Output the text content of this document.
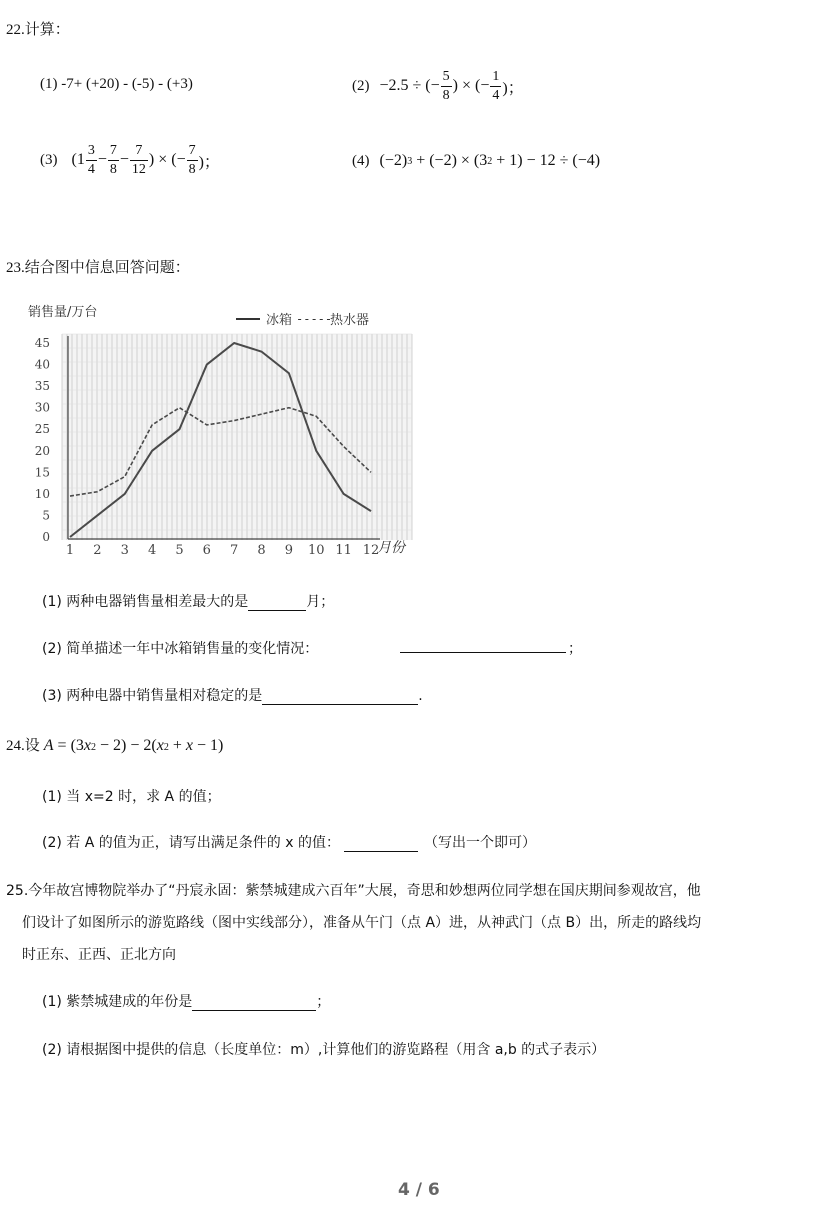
22.计算：
(1) -7+ (+20) - (-5) - (+3)	(2) −2.5 ÷ (− $\frac{5}{8}$ ) × (− $\frac{1}{4}$ )；
(3) ($1 \frac{3}{4} - \frac{7}{8} - \frac{7}{12}$ ) × (− $\frac{7}{8}$ )；	(4) (−2) 3 + (−2) × (3 2 + 1) − 12 ÷ (−4)
23.结合图中信息回答问题：
0
5
10
15
20
25
30
35
40
45
1 2 3 4 5 6 7 8 9 10 11 12
销售量/万台
月份
冰箱 -----
热水器
(1) 两种电器销售量相差最大的是	月；
(2) 简单描述一年中冰箱销售量的变化情况：	；
(3) 两种电器中销售量相对稳定的是	.
24.设 A = (3 x 2 − 2) − 2( x 2 + x − 1)
(1) 当 x=2 时，求 A 的值；
(2) 若 A 的值为正，请写出满足条件的 x 的值：	（写出一个即可）
25.今年故宫博物院举办了“丹宸永固：紫禁城建成六百年”大展，奇思和妙想两位同学想在国庆期间参观故宫，他
们设计了如图所示的游览路线（图中实线部分），准备从午门（点 A）进，从神武门（点 B）出，所走的路线均
时正东、正西、正北方向
(1) 紫禁城建成的年份是	；
(2) 请根据图中提供的信息（长度单位：m）,计算他们的游览路程（用含 a,b 的式子表示）
4 / 6
